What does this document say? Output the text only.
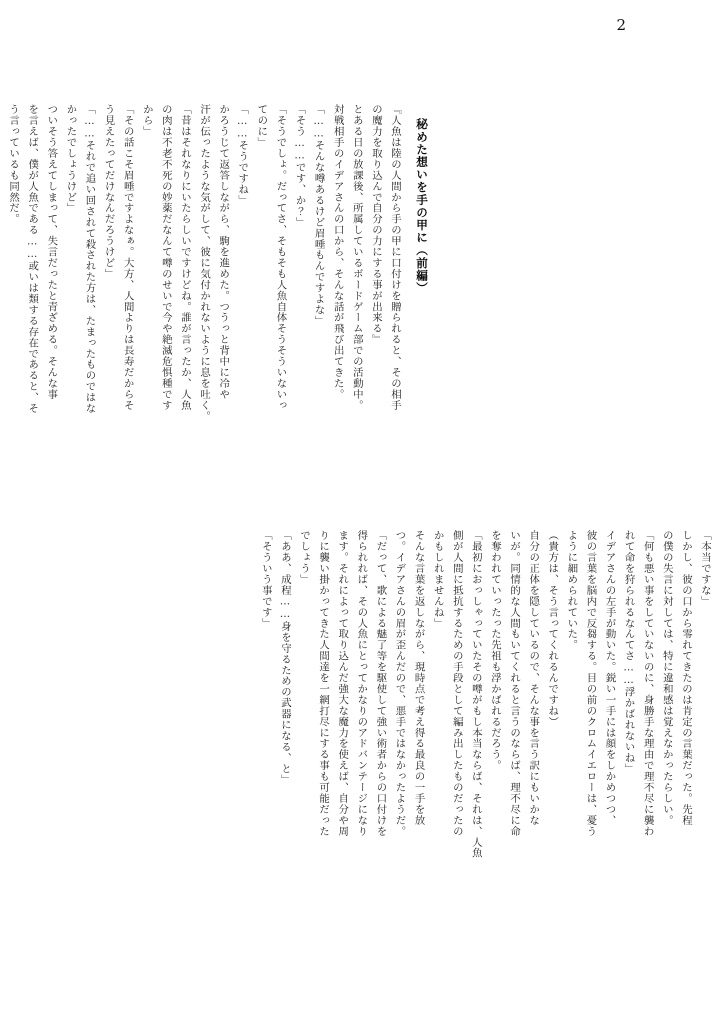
2
秘めた想いを手の甲に（前編）
『人魚は陸の人間から手の甲に口付けを贈られると、その相手
の魔力を取り込んで自分の力にする事が出来る』
とある日の放課後、所属しているボードゲーム部での活動中。
対戦相手のイデアさんの口から、そんな話が飛び出てきた。
「……そんな噂あるけど眉唾もんですよな」
「そう……です、か？」
「そうでしょ。だってさ、そもそも人魚自体そうそういないっ
てのに」
「……そうですね」
かろうじて返答しながら、駒を進めた。つうっと背中に冷や
汗が伝ったような気がして、彼に気付かれないように息を吐く。
「昔はそれなりにいたらしいですけどね。誰が言ったか、人魚
の肉は不老不死の妙薬だなんて噂のせいで今や絶滅危惧種です
から」
「その話こそ眉唾ですよなぁ。大方、人間よりは長寿だからそ
う見えたってだけなんだろうけど」
「……それで追い回されて殺された方は、たまったものではな
かったでしょうけど」
ついそう答えてしまって、失言だったと青ざめる。そんな事
を言えば、僕が人魚である……或いは類する存在であると、そ
う言っているも同然だ。
「本当ですな」
しかし、彼の口から零れてきたのは肯定の言葉だった。先程
の僕の失言に対しては、特に違和感は覚えなかったらしい。
「何も悪い事をしていないのに、身勝手な理由で理不尽に襲わ
れて命を狩られるなんてさ……浮かばれないね」
イデアさんの左手が動いた。鋭い一手には顔をしかめつつ、
彼の言葉を脳内で反芻する。目の前のクロムイエローは、憂う
ように細められていた。
（貴方は、そう言ってくれるんですね）
自分の正体を隠しているので、そんな事を言う訳にもいかな
いが。同情的な人間もいてくれると言うのならば、理不尽に命
を奪われていったった先祖も浮かばれるだろう。
「最初におっしゃっていたその噂がもし本当ならば、それは、人魚
側が人間に抵抗するための手段として編み出したものだったの
かもしれませんね」
そんな言葉を返しながら、現時点で考え得る最良の一手を放
つ。イデアさんの眉が歪んだので、悪手ではなかったようだ。
「だって、歌による魅了等を駆使して強い術者からの口付けを
得られれば、その人魚にとってかなりのアドバンテージになり
ます。それによって取り込んだ強大な魔力を使えば、自分や周
りに襲い掛かってきた人間達を一網打尽にする事も可能だった
でしょう」
「ああ、成程……身を守るための武器になる、と」
「そういう事です」
